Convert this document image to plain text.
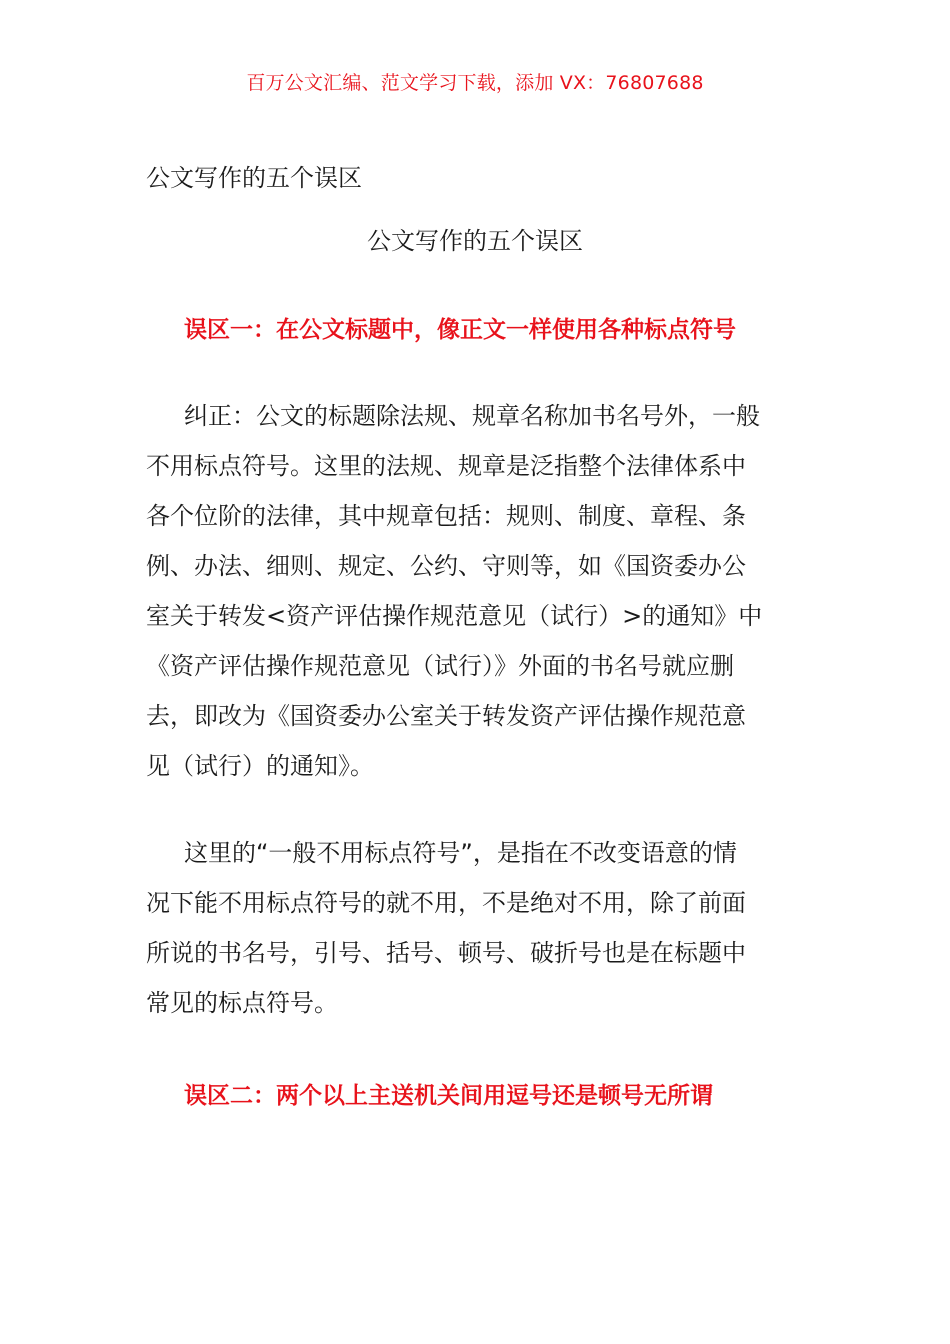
百万公文汇编、范文学习下载，添加 VX：76807688
公文写作的五个误区
公文写作的五个误区
误区一：在公文标题中，像正文一样使用各种标点符号
纠正：公文的标题除法规、规章名称加书名号外，一般
不用标点符号。这里的法规、规章是泛指整个法律体系中
各个位阶的法律，其中规章包括：规则、制度、章程、条
例、办法、细则、规定、公约、守则等，如《国资委办公
室关于转发<资产评估操作规范意见（试行）>的通知》中
《资产评估操作规范意见（试行）》外面的书名号就应删
去，即改为《国资委办公室关于转发资产评估操作规范意
见（试行）的通知》。
这里的“一般不用标点符号”，是指在不改变语意的情
况下能不用标点符号的就不用，不是绝对不用，除了前面
所说的书名号，引号、括号、顿号、破折号也是在标题中
常见的标点符号。
误区二：两个以上主送机关间用逗号还是顿号无所谓
